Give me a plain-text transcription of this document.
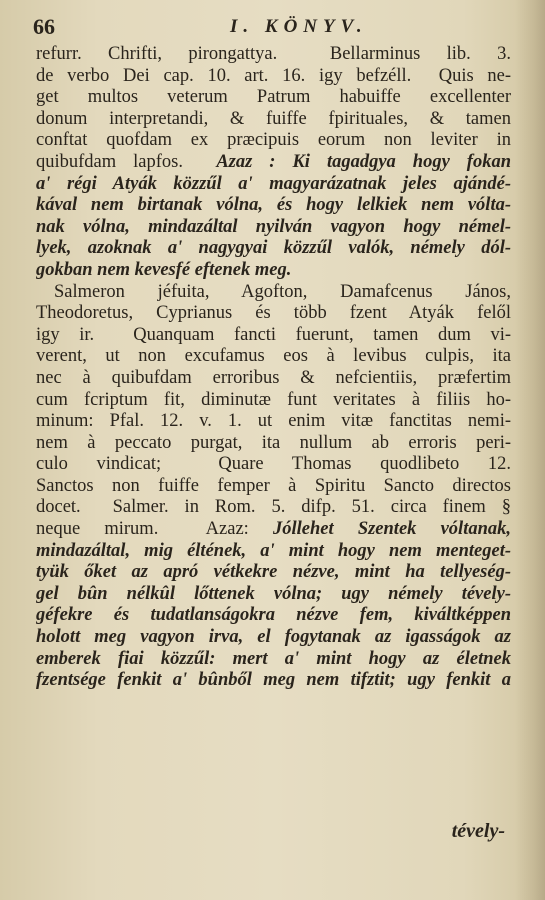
66	I. KÖNYV.
refurr. Chrifti, pirongattya.  Bellarminus lib. 3.
de verbo Dei cap. 10. art. 16. igy befzéll.  Quis ne-
get multos veterum Patrum habuiffe excellenter
donum interpretandi, & fuiffe fpirituales, & tamen
conftat quofdam ex præcipuis eorum non leviter in
quibufdam lapfos.  Azaz : Ki tagadgya hogy fokan
a' régi Atyák közzűl a' magyarázatnak jeles ajándé-
kával nem birtanak vólna, és hogy lelkiek nem vólta-
nak vólna, mindazáltal nyilván vagyon hogy némel-
lyek, azoknak a' nagygyai közzűl valók, némely dól-
gokban nem kevesfé eftenek meg.
Salmeron jéfuita, Agofton, Damafcenus János,
Theodoretus, Cyprianus és több fzent Atyák felől
igy ir.  Quanquam fancti fuerunt, tamen dum vi-
verent, ut non excufamus eos à levibus culpis, ita
nec à quibufdam erroribus & nefcientiis, præfertim
cum fcriptum fit, diminutæ funt veritates à filiis ho-
minum: Pfal. 12. v. 1. ut enim vitæ fanctitas nemi-
nem à peccato purgat, ita nullum ab erroris peri-
culo vindicat;  Quare Thomas quodlibeto 12.
Sanctos non fuiffe femper à Spiritu Sancto directos
docet.  Salmer. in Rom. 5. difp. 51. circa finem §
neque mirum.  Azaz: Jóllehet Szentek vóltanak,
mindazáltal, mig éltének, a' mint hogy nem menteget-
tyük őket az apró vétkekre nézve, mint ha tellyeség-
gel bûn nélkûl lőttenek vólna; ugy némely tévely-
géfekre és tudatlanságokra nézve fem, kiváltképpen
holott meg vagyon irva, el fogytanak az igasságok az
emberek fiai közzűl: mert a' mint hogy az életnek
fzentsége fenkit a' bûnből meg nem tifztit; ugy fenkit a
tévely-
